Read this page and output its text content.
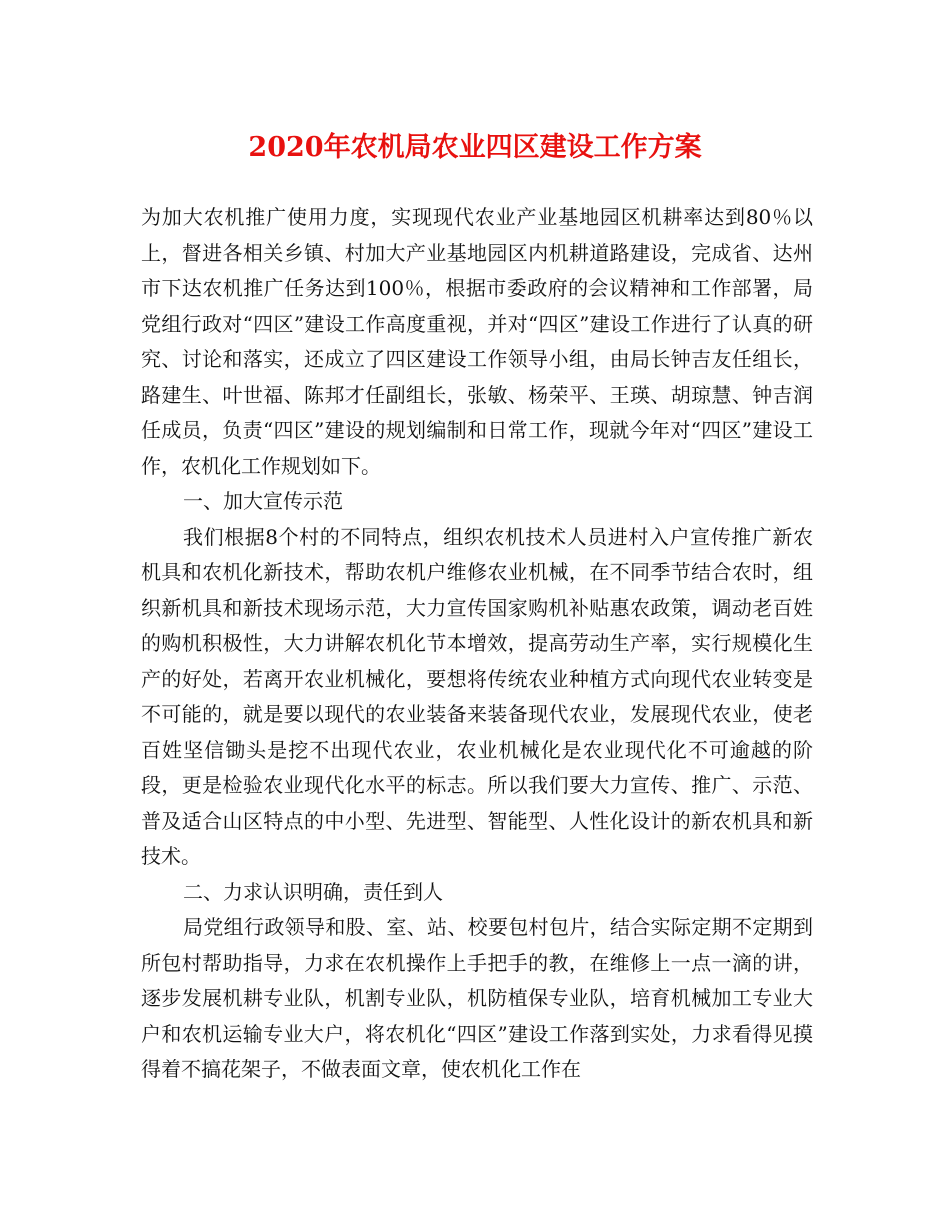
2020年农机局农业四区建设工作方案

为加大农机推广使用力度，实现现代农业产业基地园区机耕率达到80％以上，督进各相关乡镇、村加大产业基地园区内机耕道路建设，完成省、达州市下达农机推广任务达到100％，根据市委政府的会议精神和工作部署，局党组行政对“四区”建设工作高度重视，并对“四区”建设工作进行了认真的研究、讨论和落实，还成立了四区建设工作领导小组，由局长钟吉友任组长，路建生、叶世福、陈邦才任副组长，张敏、杨荣平、王瑛、胡琼慧、钟吉润任成员，负责“四区”建设的规划编制和日常工作，现就今年对“四区”建设工作，农机化工作规划如下。

一、加大宣传示范

我们根据8个村的不同特点，组织农机技术人员进村入户宣传推广新农机具和农机化新技术，帮助农机户维修农业机械，在不同季节结合农时，组织新机具和新技术现场示范，大力宣传国家购机补贴惠农政策，调动老百姓的购机积极性，大力讲解农机化节本增效，提高劳动生产率，实行规模化生产的好处，若离开农业机械化，要想将传统农业种植方式向现代农业转变是不可能的，就是要以现代的农业装备来装备现代农业，发展现代农业，使老百姓坚信锄头是挖不出现代农业，农业机械化是农业现代化不可逾越的阶段，更是检验农业现代化水平的标志。所以我们要大力宣传、推广、示范、普及适合山区特点的中小型、先进型、智能型、人性化设计的新农机具和新技术。

二、力求认识明确，责任到人

局党组行政领导和股、室、站、校要包村包片，结合实际定期不定期到所包村帮助指导，力求在农机操作上手把手的教，在维修上一点一滴的讲，逐步发展机耕专业队，机割专业队，机防植保专业队，培育机械加工专业大户和农机运输专业大户，将农机化“四区”建设工作落到实处，力求看得见摸得着不搞花架子，不做表面文章，使农机化工作在
